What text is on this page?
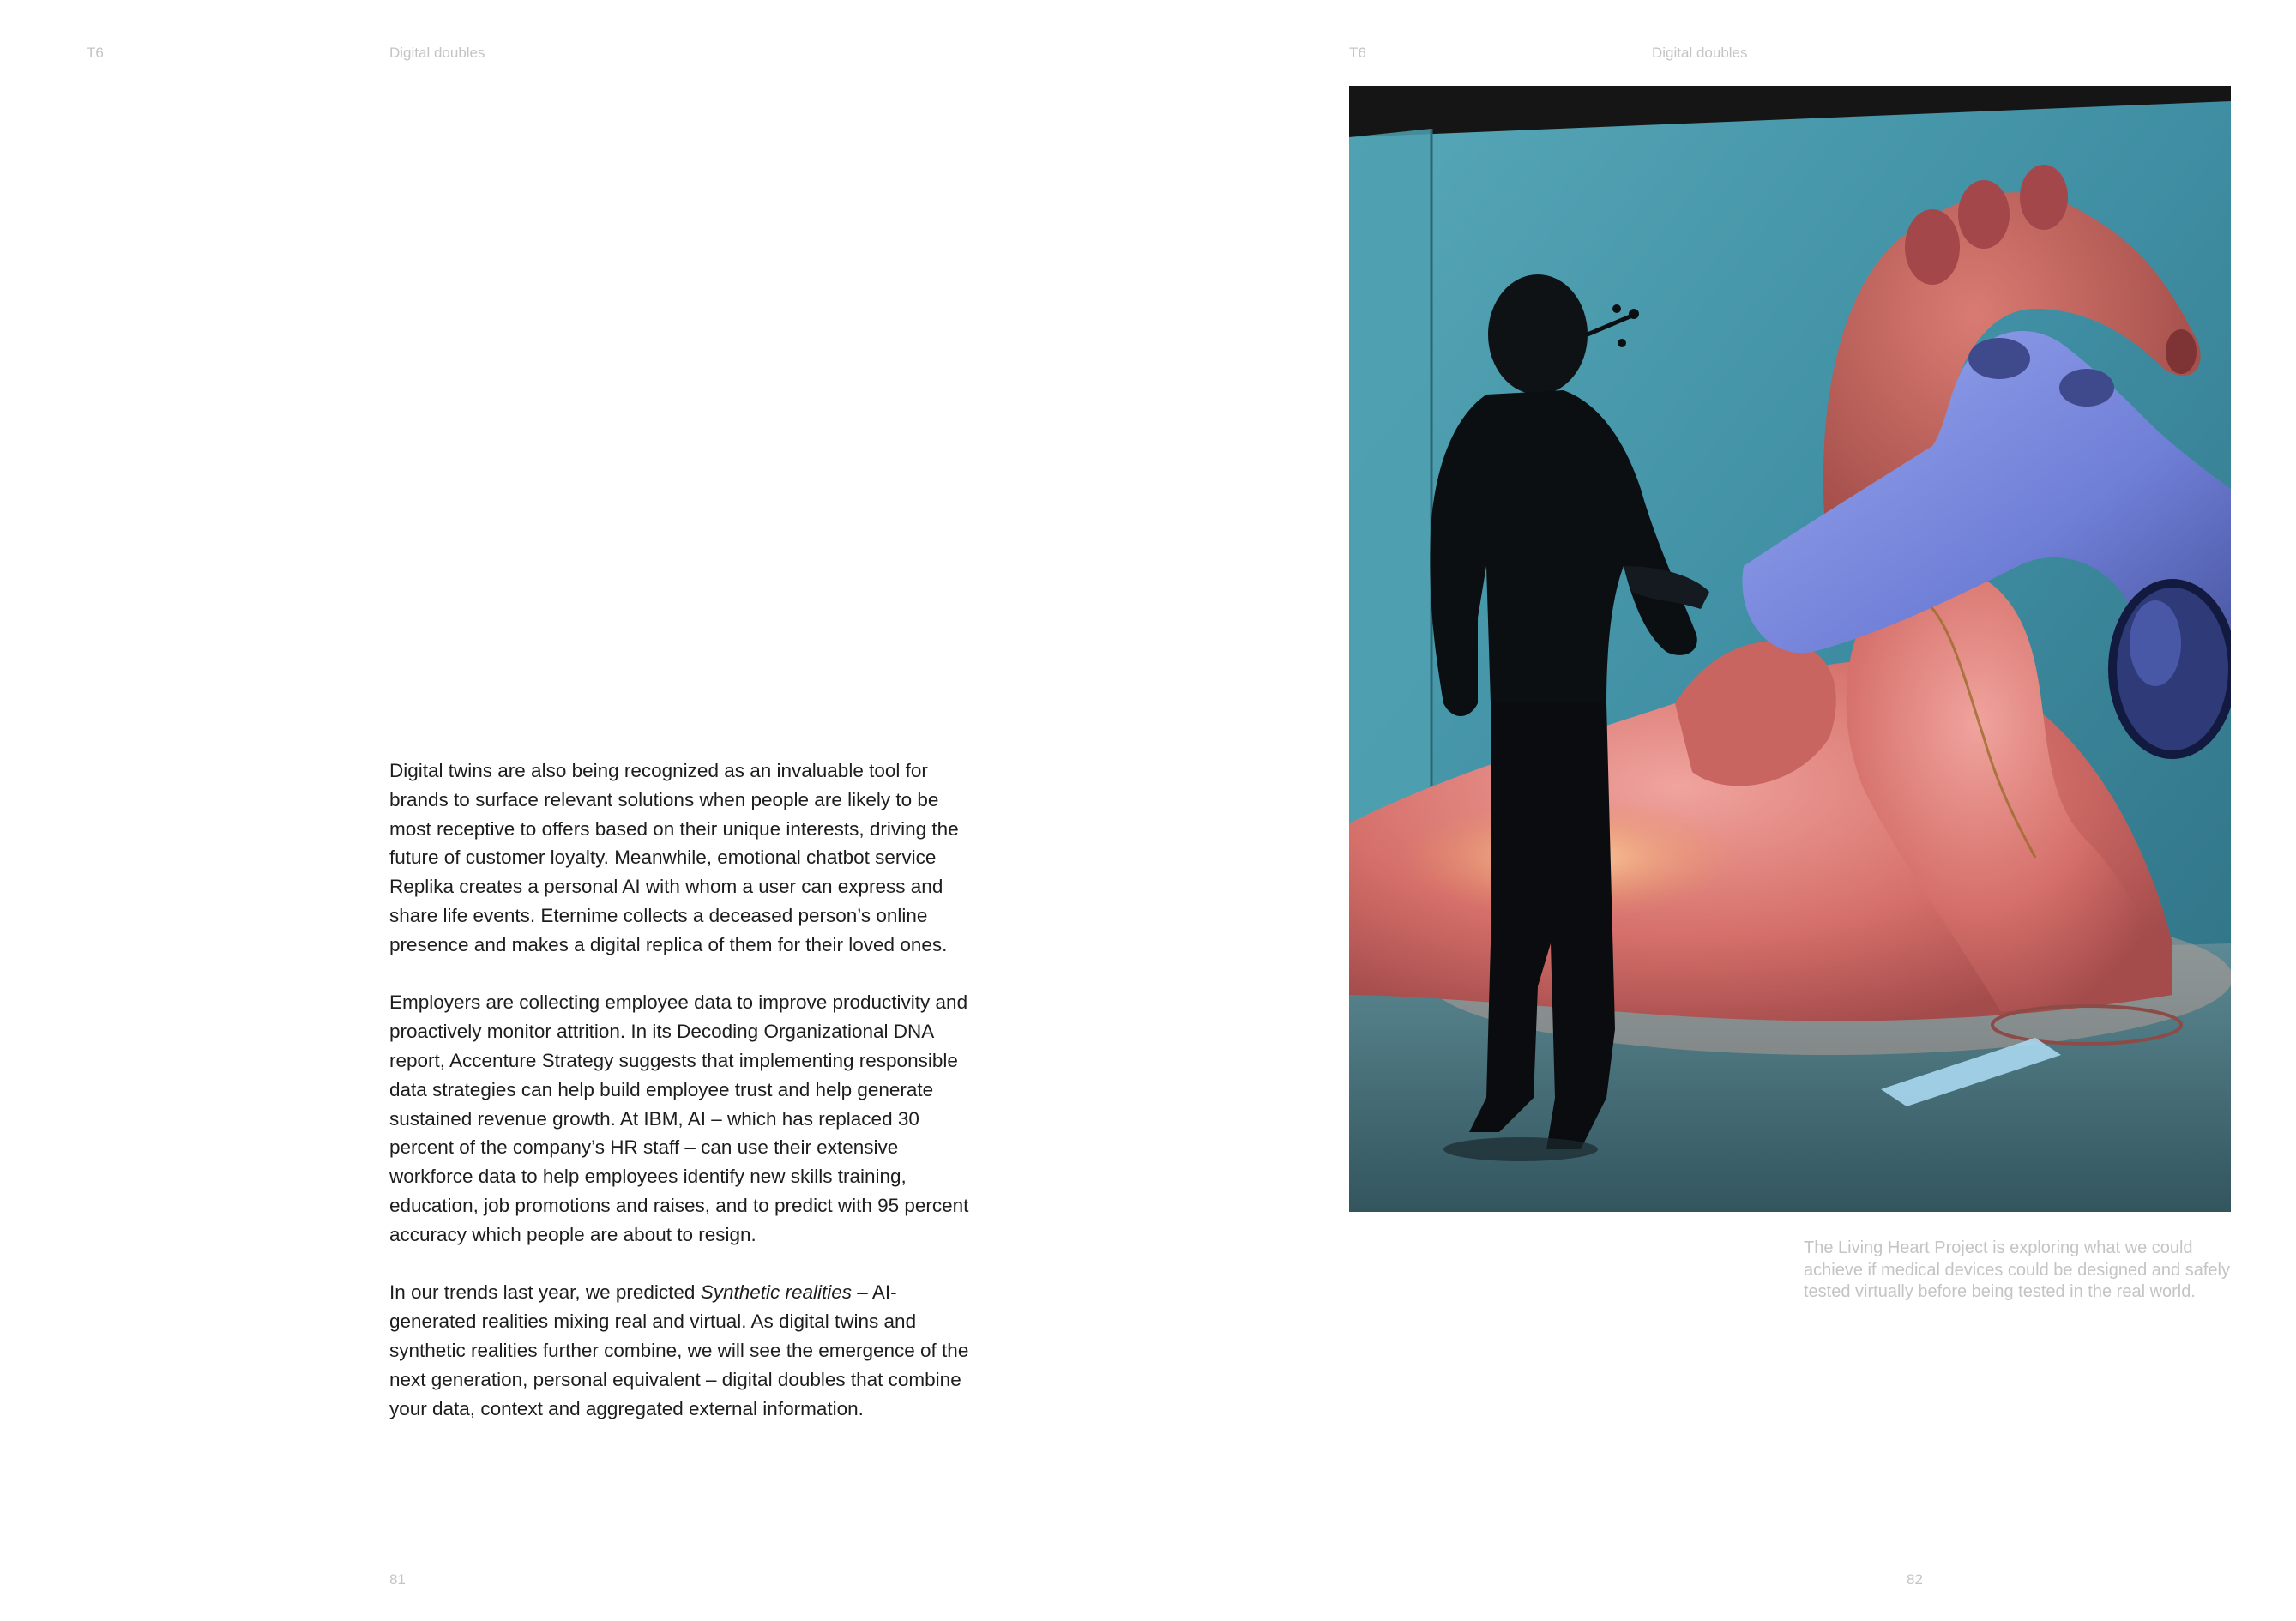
T6	Digital doubles	T6	Digital doubles

Digital twins are also being recognized as an invaluable tool for brands to surface relevant solutions when people are likely to be most receptive to offers based on their unique interests, driving the future of customer loyalty. Meanwhile, emotional chatbot service Replika creates a personal AI with whom a user can express and share life events. Eternime collects a deceased person’s online presence and makes a digital replica of them for their loved ones.

Employers are collecting employee data to improve productivity and proactively monitor attrition. In its Decoding Organizational DNA report, Accenture Strategy suggests that implementing responsible data strategies can help build employee trust and help generate sustained revenue growth. At IBM, AI – which has replaced 30 percent of the company’s HR staff – can use their extensive workforce data to help employees identify new skills training, education, job promotions and raises, and to predict with 95 percent accuracy which people are about to resign.

In our trends last year, we predicted Synthetic realities – AI-generated realities mixing real and virtual. As digital twins and synthetic realities further combine, we will see the emergence of the next generation, personal equivalent – digital doubles that combine your data, context and aggregated external information.

The Living Heart Project is exploring what we could achieve if medical devices could be designed and safely tested virtually before being tested in the real world.
81	82
